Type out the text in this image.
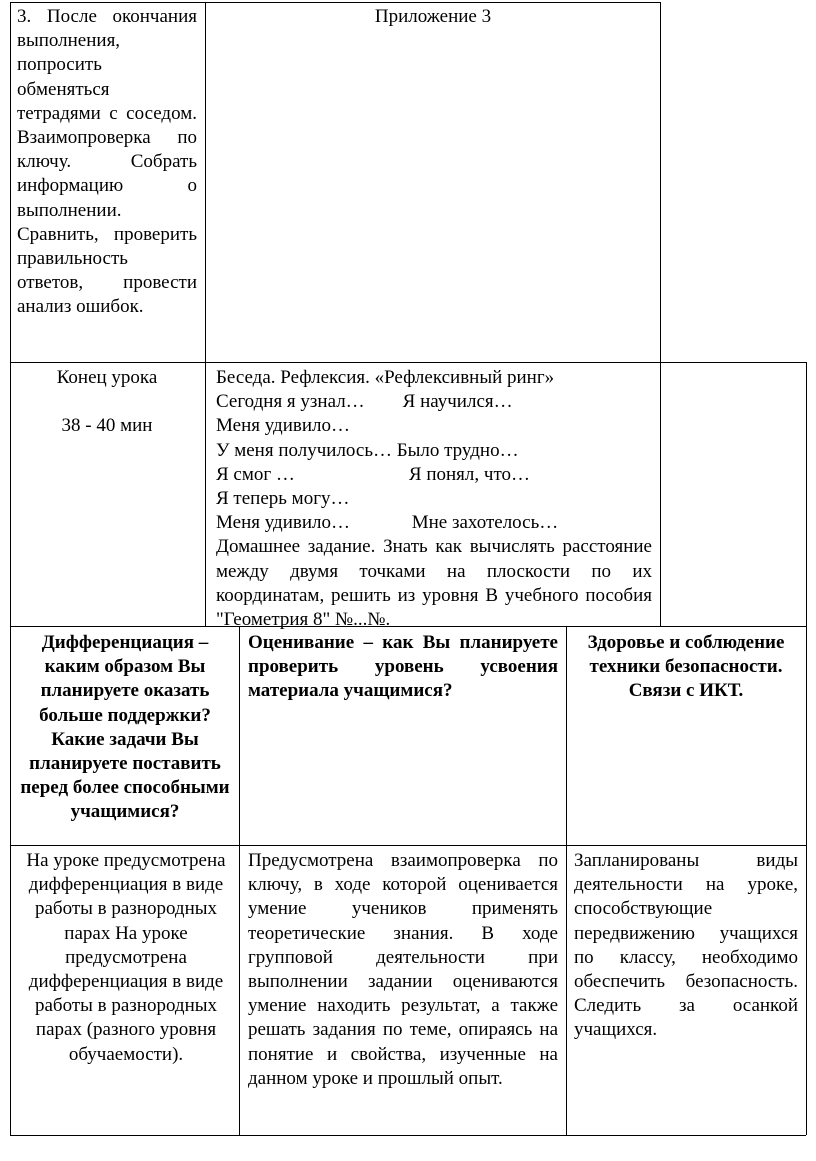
3. После окончания выполнения, попросить обменяться тетрадями с соседом. Взаимопроверка по ключу. Собрать информацию о выполнении. Сравнить, проверить правильность ответов, провести анализ ошибок.
Приложение 3
Конец урока
38 - 40 мин
Беседа. Рефлексия. «Рефлексивный ринг»
Сегодня я узнал…        Я научился…
Меня удивило…
У меня получилось… Было трудно…
Я смог …                        Я понял, что…
Я теперь могу…
Меня удивило…             Мне захотелось…
Домашнее задание. Знать как вычислять расстояние между двумя точками на плоскости по их координатам, решить из уровня В учебного пособия "Геометрия 8" №...№.
Дифференциация – каким образом Вы планируете оказать больше поддержки? Какие задачи Вы планируете поставить перед более способными учащимися?
Оценивание – как Вы планируете проверить уровень усвоения материала учащимися?
Здоровье и соблюдение техники безопасности. Связи с ИКТ.
На уроке предусмотрена дифференциация в виде работы в разнородных парах На уроке предусмотрена дифференциация в виде работы в разнородных парах (разного уровня обучаемости).
Предусмотрена взаимопроверка по ключу, в ходе которой оценивается умение учеников применять теоретические знания. В ходе групповой деятельности при выполнении задании оцениваются умение находить результат, а также решать задания по теме, опираясь на понятие и свойства, изученные на данном уроке и прошлый опыт.
Запланированы виды деятельности на уроке, способствующие передвижению учащихся по классу, необходимо обеспечить безопасность. Следить за осанкой учащихся.
